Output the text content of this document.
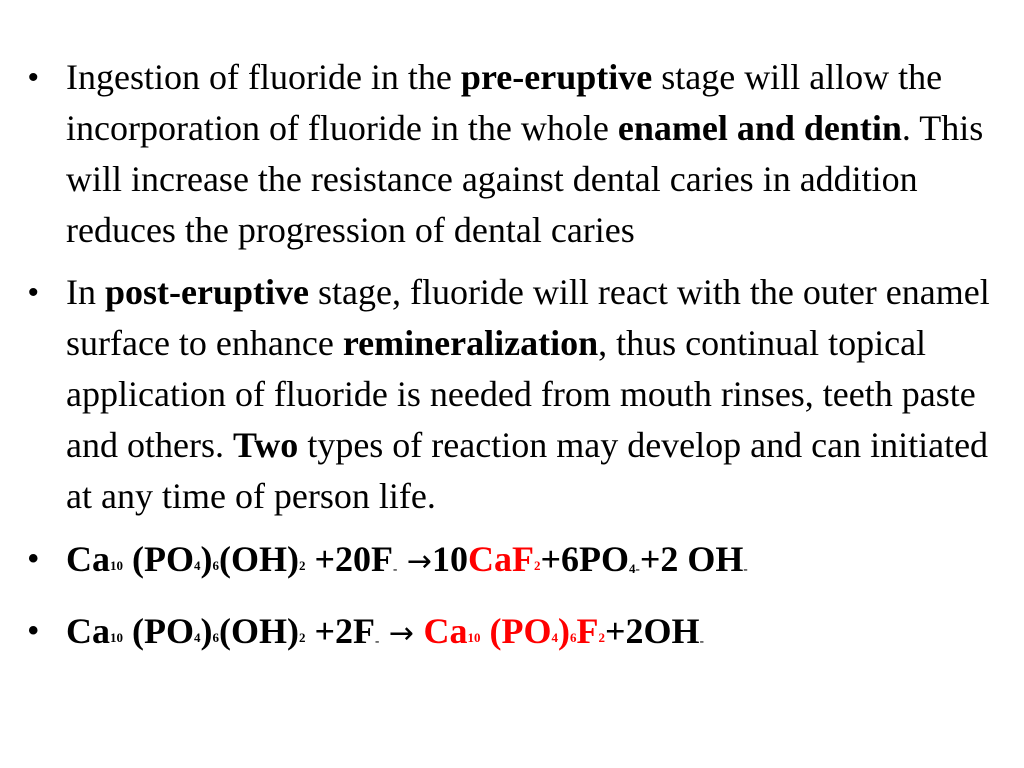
• Ingestion of fluoride in the pre-eruptive stage will allow the incorporation of fluoride in the whole enamel and dentin. This will increase the resistance against dental caries in addition reduces the progression of dental caries
• In post-eruptive stage, fluoride will react with the outer enamel surface to enhance remineralization, thus continual topical application of fluoride is needed from mouth rinses, teeth paste and others. Two types of reaction may develop and can initiated at any time of person life.
• $Ca_{10}$ $(PO_4)_6(OH)_2 +20F^- \to 10CaF_2+6PO^{4-}+2$ OH-
• $Ca_{10}$ $(PO_4)_6(OH)_2 +2F^- \to Ca_{10}$ $(PO_4)_6F_2+2OH^-$
